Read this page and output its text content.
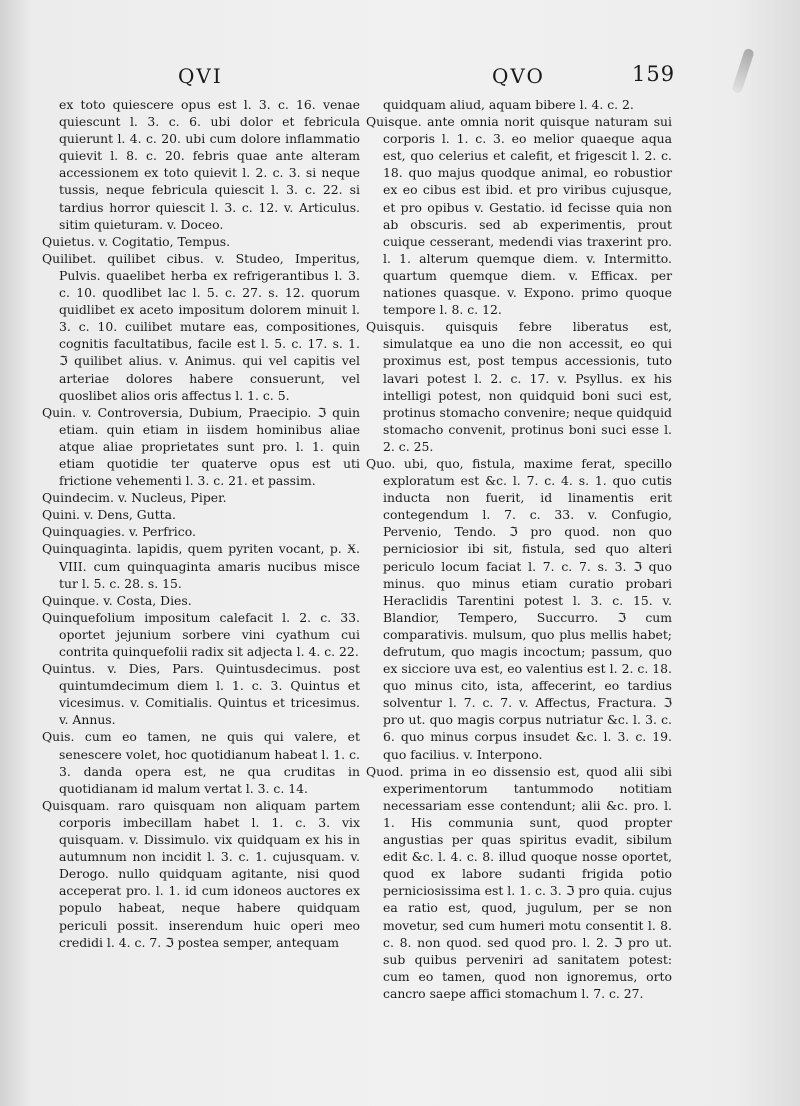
QVI	QVO	159

ex toto quiescere opus est l. 3. c. 16. venae quiescunt l. 3. c. 6. ubi dolor et febricula quierunt l. 4. c. 20. ubi cum dolore inflammatio quievit l. 8. c. 20. febris quae ante alteram accessionem ex toto quievit l. 2. c. 3. si neque tussis, neque febricula quiescit l. 3. c. 22. si tardius horror quiescit l. 3. c. 12. v. Articulus. sitim quieturam. v. Doceo.

Quietus. v. Cogitatio, Tempus.

Quilibet. quilibet cibus. v. Studeo, Imperitus, Pulvis. quaelibet herba ex refrigerantibus l. 3. c. 10. quodlibet lac l. 5. c. 27. s. 12. quorum quidlibet ex aceto impositum dolorem minuit l. 3. c. 10. cuilibet mutare eas, compositiones, cognitis facultatibus, facile est l. 5. c. 17. s. 1. ℑ quilibet alius. v. Animus. qui vel capitis vel arteriae dolores habere consuerunt, vel quoslibet alios oris affectus l. 1. c. 5.

Quin. v. Controversia, Dubium, Praecipio. ℑ quin etiam. quin etiam in iisdem hominibus aliae atque aliae proprietates sunt pro. l. 1. quin etiam quotidie ter quaterve opus est uti frictione vehementi l. 3. c. 21. et passim.

Quindecim. v. Nucleus, Piper.

Quini. v. Dens, Gutta.

Quinquagies. v. Perfrico.

Quinquaginta. lapidis, quem pyriten vocant, p. Ӿ. VIII. cum quinquaginta amaris nucibus misce tur l. 5. c. 28. s. 15.

Quinque. v. Costa, Dies.

Quinquefolium impositum calefacit l. 2. c. 33. oportet jejunium sorbere vini cyathum cui contrita quinquefolii radix sit adjecta l. 4. c. 22.

Quintus. v. Dies, Pars. Quintusdecimus. post quintumdecimum diem l. 1. c. 3. Quintus et vicesimus. v. Comitialis. Quintus et tricesimus. v. Annus.

Quis. cum eo tamen, ne quis qui valere, et senescere volet, hoc quotidianum habeat l. 1. c. 3. danda opera est, ne qua cruditas in quotidianam id malum vertat l. 3. c. 14.

Quisquam. raro quisquam non aliquam partem corporis imbecillam habet l. 1. c. 3. vix quisquam. v. Dissimulo. vix quidquam ex his in autumnum non incidit l. 3. c. 1. cujusquam. v. Derogo. nullo quidquam agitante, nisi quod acceperat pro. l. 1. id cum idoneos auctores ex populo habeat, neque habere quidquam periculi possit. inserendum huic operi meo credidi l. 4. c. 7. ℑ postea semper, antequam

quidquam aliud, aquam bibere l. 4. c. 2.

Quisque. ante omnia norit quisque naturam sui corporis l. 1. c. 3. eo melior quaeque aqua est, quo celerius et calefit, et frigescit l. 2. c. 18. quo majus quodque animal, eo robustior ex eo cibus est ibid. et pro viribus cujusque, et pro opibus v. Gestatio. id fecisse quia non ab obscuris. sed ab experimentis, prout cuique cesserant, medendi vias traxerint pro. l. 1. alterum quemque diem. v. Intermitto. quartum quemque diem. v. Efficax. per nationes quasque. v. Expono. primo quoque tempore l. 8. c. 12.

Quisquis. quisquis febre liberatus est, simulatque ea uno die non accessit, eo qui proximus est, post tempus accessionis, tuto lavari potest l. 2. c. 17. v. Psyllus. ex his intelligi potest, non quidquid boni suci est, protinus stomacho convenire; neque quidquid stomacho convenit, protinus boni suci esse l. 2. c. 25.

Quo. ubi, quo, fistula, maxime ferat, specillo exploratum est &c. l. 7. c. 4. s. 1. quo cutis inducta non fuerit, id linamentis erit contegendum l. 7. c. 33. v. Confugio, Pervenio, Tendo. ℑ pro quod. non quo perniciosior ibi sit, fistula, sed quo alteri periculo locum faciat l. 7. c. 7. s. 3. ℑ quo minus. quo minus etiam curatio probari Heraclidis Tarentini potest l. 3. c. 15. v. Blandior, Tempero, Succurro. ℑ cum comparativis. mulsum, quo plus mellis habet; defrutum, quo magis incoctum; passum, quo ex sicciore uva est, eo valentius est l. 2. c. 18. quo minus cito, ista, affecerint, eo tardius solventur l. 7. c. 7. v. Affectus, Fractura. ℑ pro ut. quo magis corpus nutriatur &c. l. 3. c. 6. quo minus corpus insudet &c. l. 3. c. 19. quo facilius. v. Interpono.

Quod. prima in eo dissensio est, quod alii sibi experimentorum tantummodo notitiam necessariam esse contendunt; alii &c. pro. l. 1. His communia sunt, quod propter angustias per quas spiritus evadit, sibilum edit &c. l. 4. c. 8. illud quoque nosse oportet, quod ex labore sudanti frigida potio perniciosissima est l. 1. c. 3. ℑ pro quia. cujus ea ratio est, quod, jugulum, per se non movetur, sed cum humeri motu consentit l. 8. c. 8. non quod. sed quod pro. l. 2. ℑ pro ut. sub quibus perveniri ad sanitatem potest: cum eo tamen, quod non ignoremus, orto cancro saepe affici stomachum l. 7. c. 27.
